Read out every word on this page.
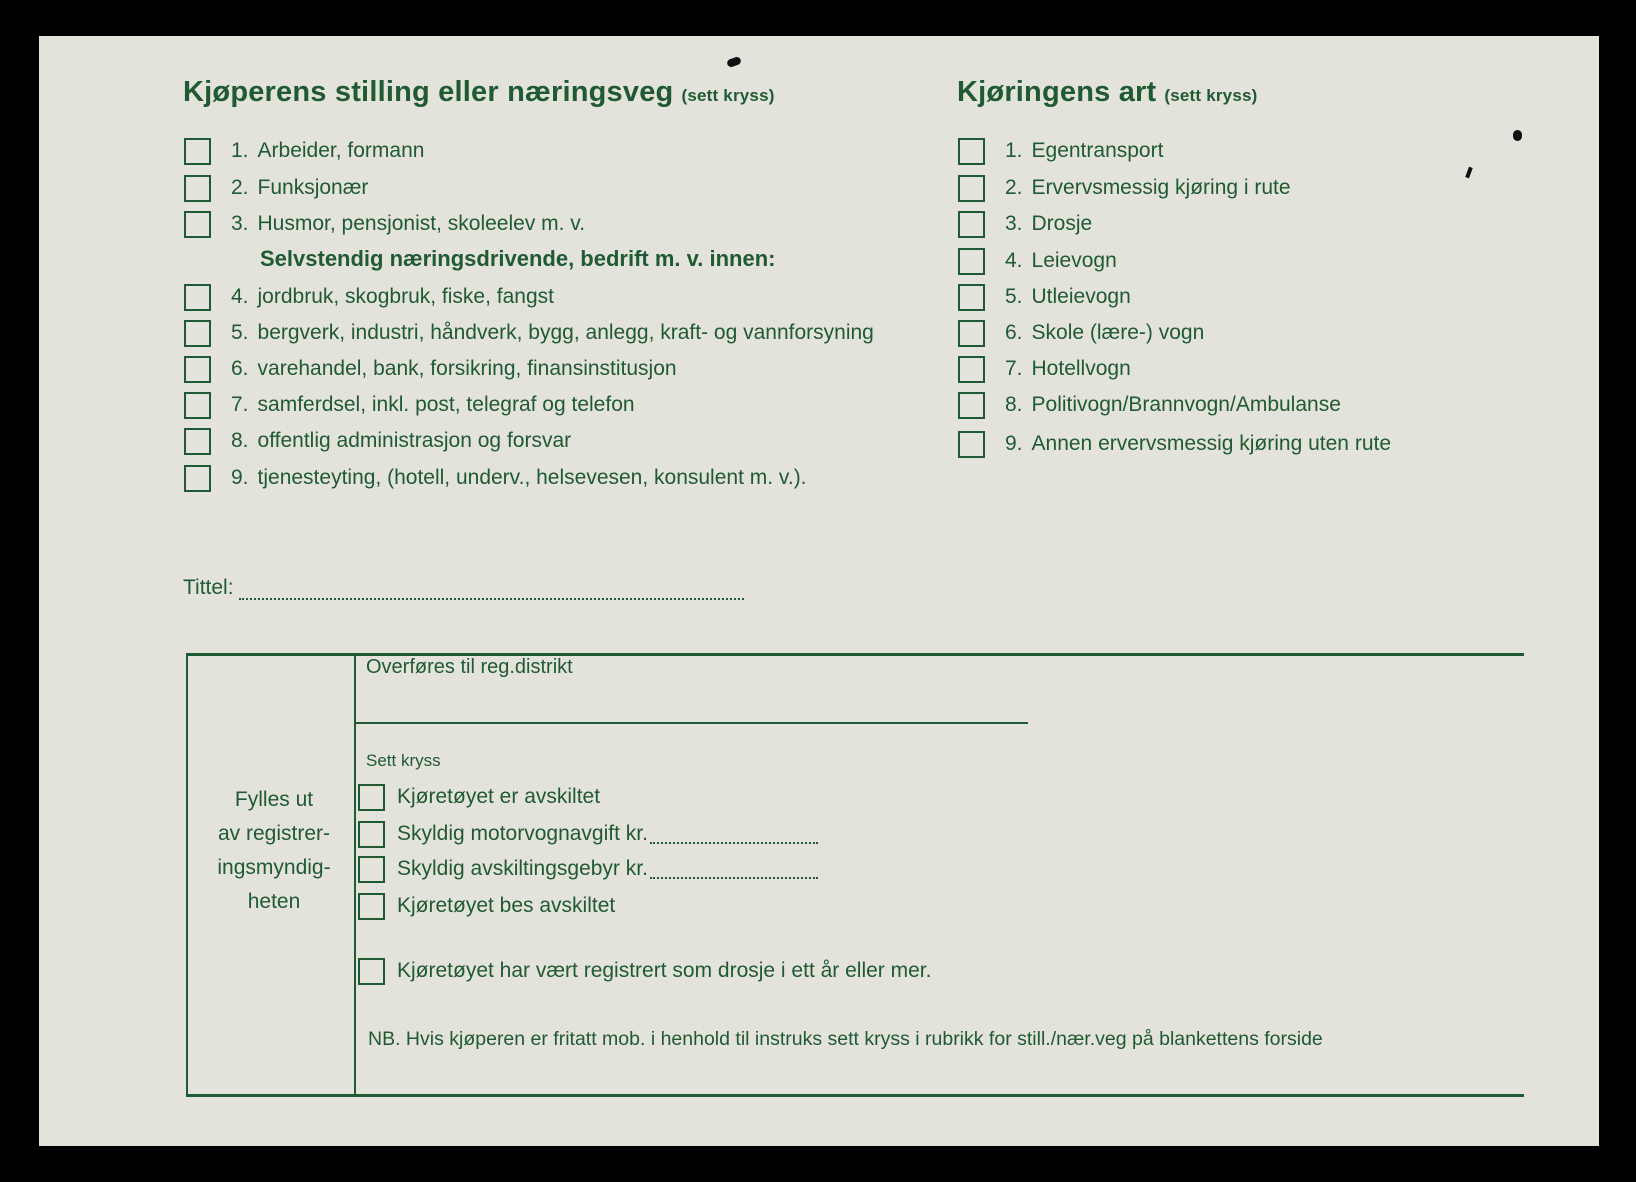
Kjøperens stilling eller næringsveg (sett kryss)	Kjøringens art (sett kryss)
1. Arbeider, formann
2. Funksjonær
3. Husmor, pensjonist, skoleelev m. v.
Selvstendig næringsdrivende, bedrift m. v. innen:
4. jordbruk, skogbruk, fiske, fangst
5. bergverk, industri, håndverk, bygg, anlegg, kraft- og vannforsyning
6. varehandel, bank, forsikring, finansinstitusjon
7. samferdsel, inkl. post, telegraf og telefon
8. offentlig administrasjon og forsvar
9. tjenesteyting, (hotell, underv., helsevesen, konsulent m. v.).
1. Egentransport
2. Ervervsmessig kjøring i rute
3. Drosje
4. Leievogn
5. Utleievogn
6. Skole (lære-) vogn
7. Hotellvogn
8. Politivogn/Brannvogn/Ambulanse
9. Annen ervervsmessig kjøring uten rute
Tittel:
Fylles ut
av registrer-
ingsmyndig-
heten
Overføres til reg.distrikt
Sett kryss
Kjøretøyet er avskiltet
Skyldig motorvognavgift kr.
Skyldig avskiltingsgebyr kr.
Kjøretøyet bes avskiltet
Kjøretøyet har vært registrert som drosje i ett år eller mer.
NB. Hvis kjøperen er fritatt mob. i henhold til instruks sett kryss i rubrikk for still./nær.veg på blankettens forside
